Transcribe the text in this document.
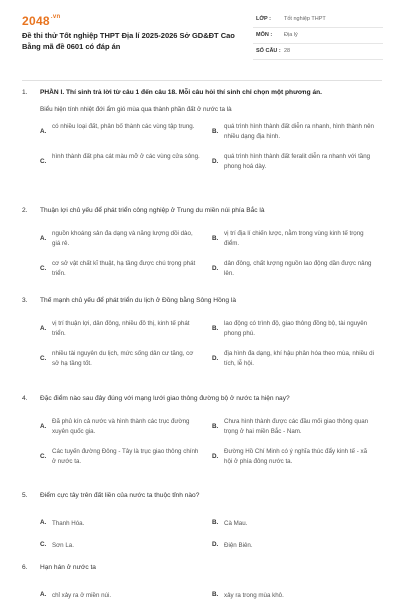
$2048^{.vn}$
Đề thi thử Tốt nghiệp THPT Địa lí 2025-2026 Sở GD&ĐT Cao Bằng mã đề 0601 có đáp án
LỚP : Tốt nghiệp THPT
MÔN : Địa lý
SỐ CÂU : 28
1. PHẦN I. Thí sinh trả lời từ câu 1 đến câu 18. Mỗi câu hỏi thí sinh chỉ chọn một phương án.
Biểu hiện tính nhiệt đới ẩm gió mùa qua thành phần đất ở nước ta là
A.
có nhiều loại đất, phân bố thành các vùng tập trung.
B.
quá trình hình thành đất diễn ra nhanh, hình thành nên nhiều dạng địa hình.
C.
hình thành đất pha cát màu mỡ ở các vùng cửa sông.
D.
quá trình hình thành đất feralit diễn ra nhanh với tầng phong hoá dày.
2. Thuận lợi chủ yếu để phát triển công nghiệp ở Trung du miền núi phía Bắc là
A.
nguồn khoáng sản đa dạng và năng lượng dồi dào, giá rẻ.
B.
vị trí địa lí chiến lược, nằm trong vùng kinh tế trọng điểm.
C.
cơ sở vật chất kĩ thuật, hạ tầng được chú trọng phát triển.
D.
dân đông, chất lượng nguồn lao động dần được nâng lên.
3. Thế mạnh chủ yếu để phát triển du lịch ở Đồng bằng Sông Hồng là
A.
vị trí thuận lợi, dân đông, nhiều đô thị, kinh tế phát triển.
B.
lao động có trình độ, giao thông đồng bộ, tài nguyên phong phú.
C.
nhiều tài nguyên du lịch, mức sống dân cư tăng, cơ sở hạ tầng tốt.
D.
địa hình đa dạng, khí hậu phân hóa theo mùa, nhiều di tích, lễ hội.
4. Đặc điểm nào sau đây đúng với mạng lưới giao thông đường bộ ở nước ta hiện nay?
A.
Đã phủ kín cả nước và hình thành các trục đường xuyên quốc gia.
B.
Chưa hình thành được các đầu mối giao thông quan trọng ở hai miền Bắc - Nam.
C.
Các tuyến đường Đông - Tây là trục giao thông chính ở nước ta.
D.
Đường Hồ Chí Minh có ý nghĩa thúc đẩy kinh tế - xã hội ở phía đông nước ta.
5. Điểm cực tây trên đất liền của nước ta thuộc tỉnh nào?
A. Thanh Hóa.	B. Cà Mau.
C. Sơn La.	D. Điện Biên.
6. Hạn hán ở nước ta
A. chỉ xảy ra ở miền núi.	B. xảy ra trong mùa khô.
